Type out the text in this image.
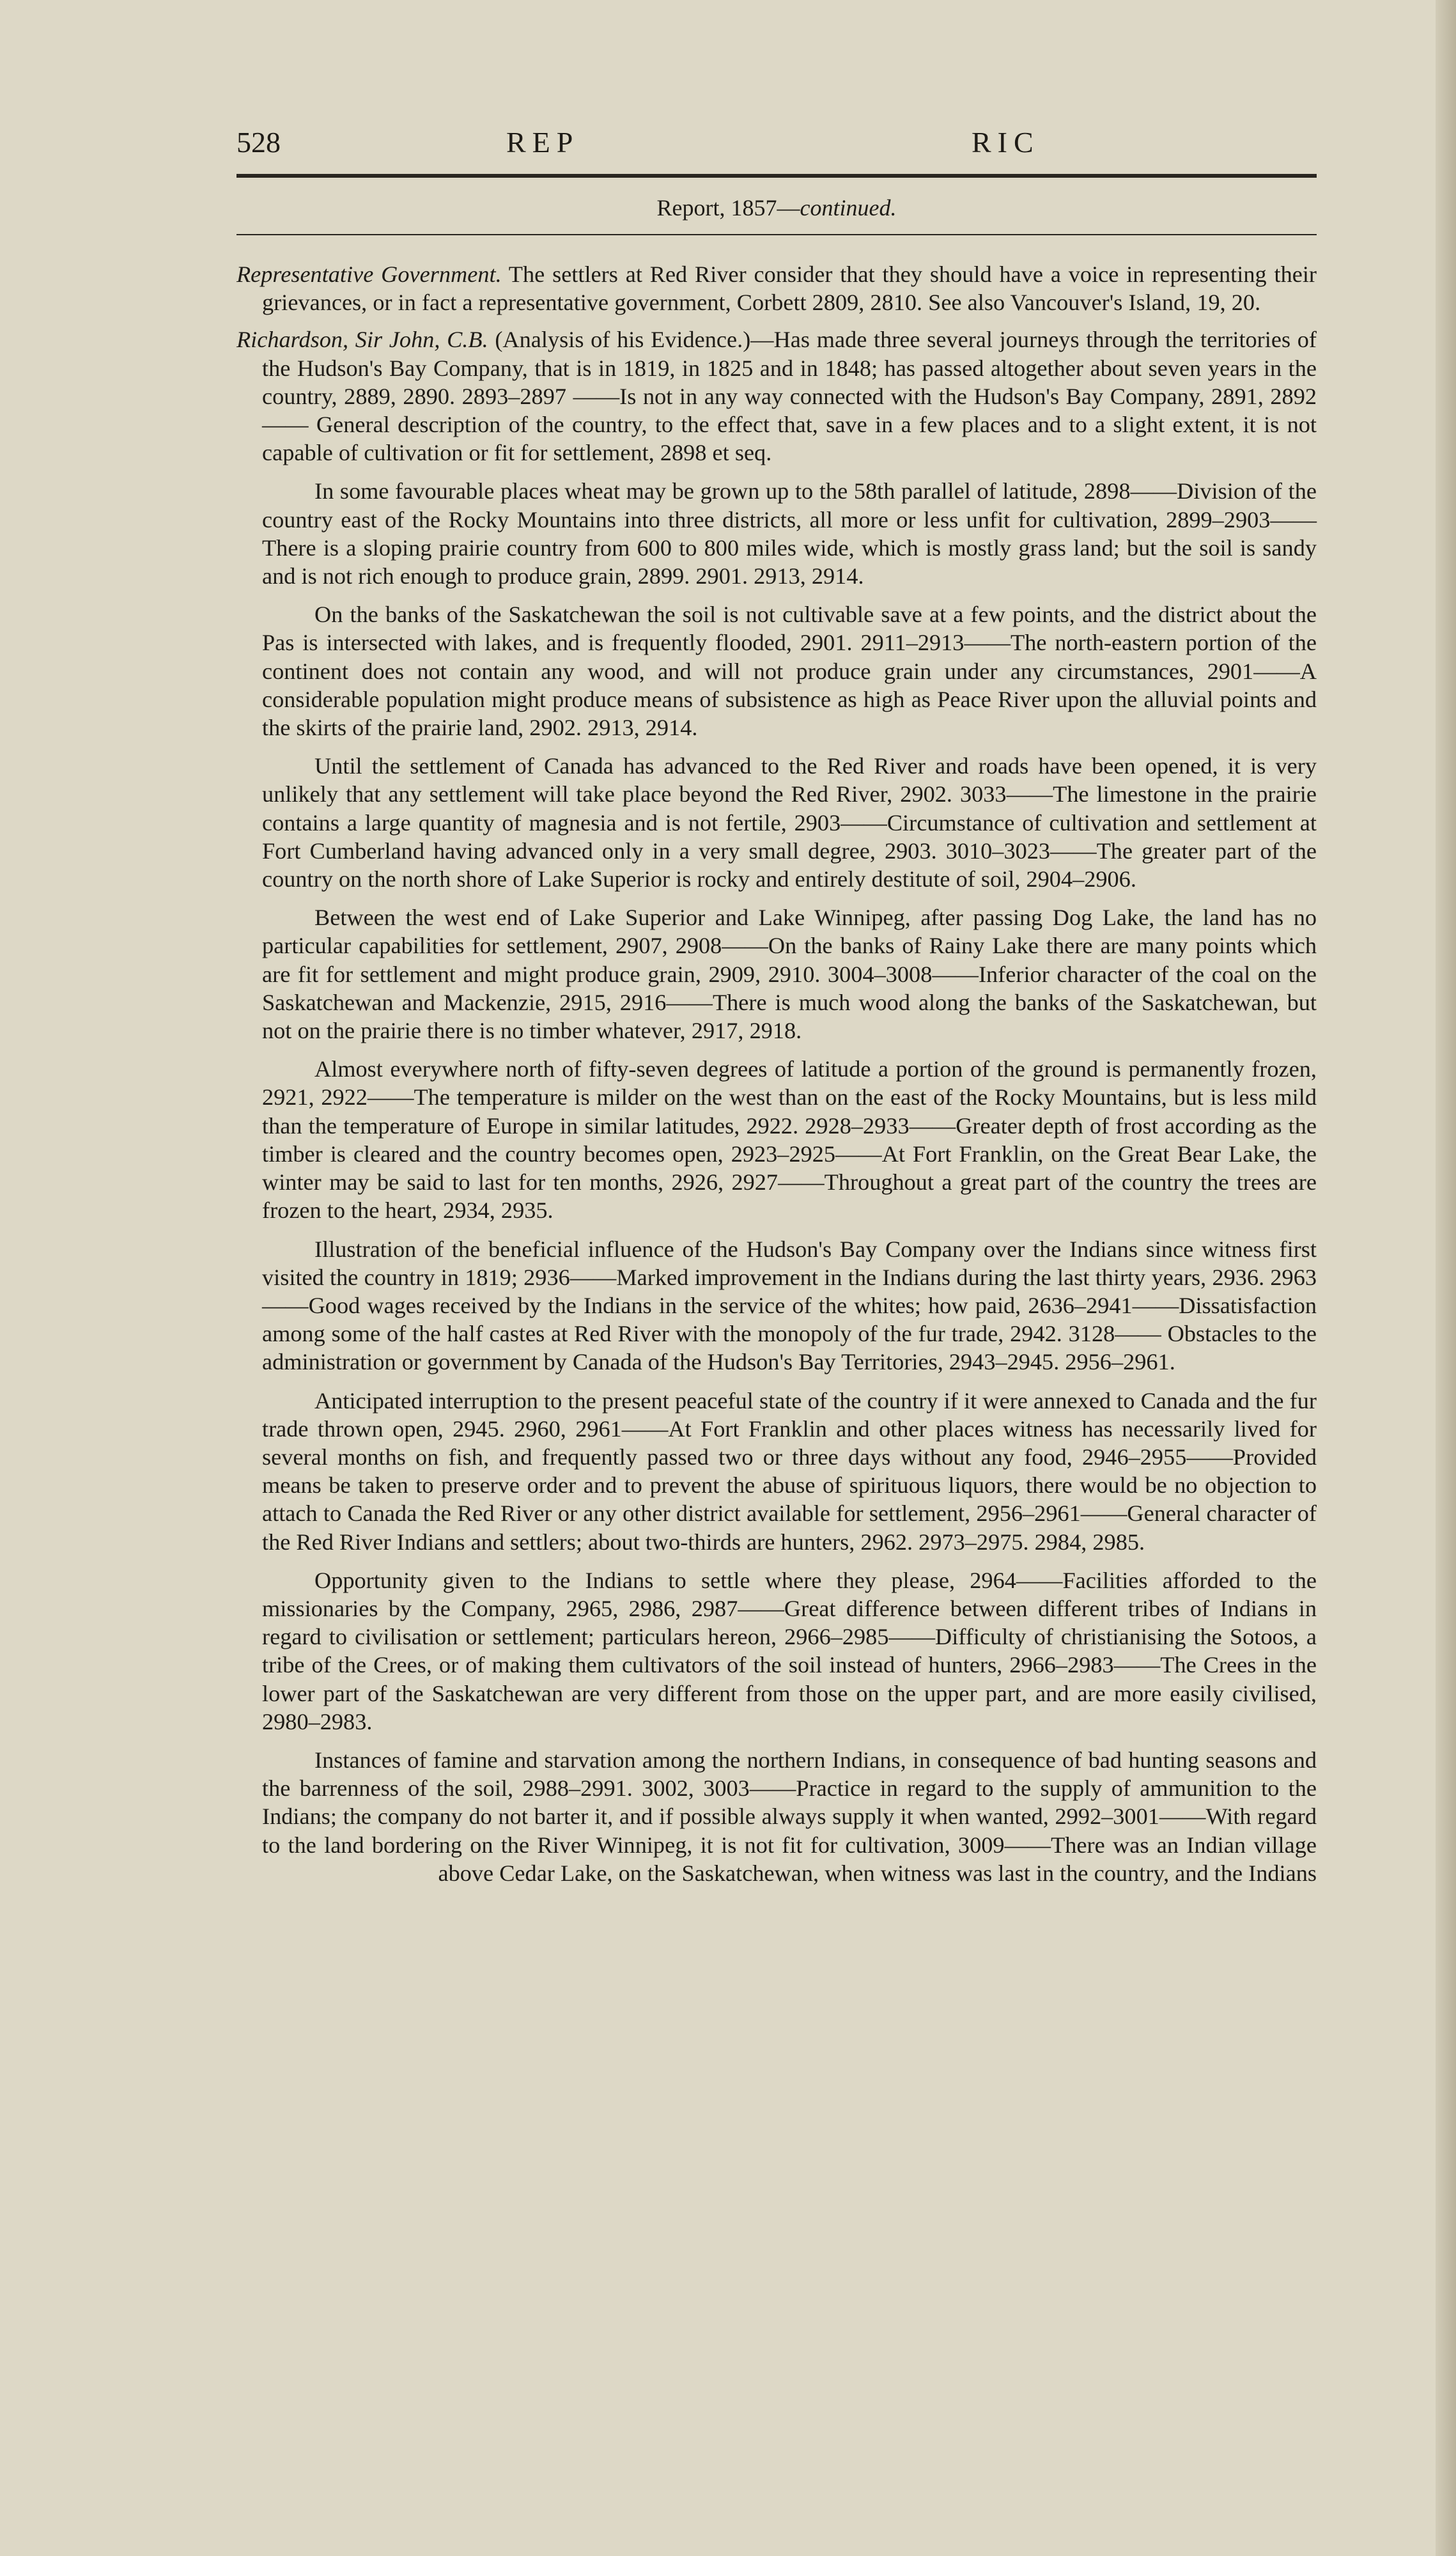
528	REP	RIC
Report, 1857—continued.

Representative Government. The settlers at Red River consider that they should have a voice in representing their grievances, or in fact a representative government, Corbett 2809, 2810. See also Vancouver's Island, 19, 20.

Richardson, Sir John, C.B. (Analysis of his Evidence.)—Has made three several journeys through the territories of the Hudson's Bay Company, that is in 1819, in 1825 and in 1848; has passed altogether about seven years in the country, 2889, 2890. 2893–2897 ——Is not in any way connected with the Hudson's Bay Company, 2891, 2892—— General description of the country, to the effect that, save in a few places and to a slight extent, it is not capable of cultivation or fit for settlement, 2898 et seq.

In some favourable places wheat may be grown up to the 58th parallel of latitude, 2898——Division of the country east of the Rocky Mountains into three districts, all more or less unfit for cultivation, 2899–2903——There is a sloping prairie country from 600 to 800 miles wide, which is mostly grass land; but the soil is sandy and is not rich enough to produce grain, 2899. 2901. 2913, 2914.

On the banks of the Saskatchewan the soil is not cultivable save at a few points, and the district about the Pas is intersected with lakes, and is frequently flooded, 2901. 2911–2913——The north-eastern portion of the continent does not contain any wood, and will not produce grain under any circumstances, 2901——A considerable population might produce means of subsistence as high as Peace River upon the alluvial points and the skirts of the prairie land, 2902. 2913, 2914.

Until the settlement of Canada has advanced to the Red River and roads have been opened, it is very unlikely that any settlement will take place beyond the Red River, 2902. 3033——The limestone in the prairie contains a large quantity of magnesia and is not fertile, 2903——Circumstance of cultivation and settlement at Fort Cumberland having advanced only in a very small degree, 2903. 3010–3023——The greater part of the country on the north shore of Lake Superior is rocky and entirely destitute of soil, 2904–2906.

Between the west end of Lake Superior and Lake Winnipeg, after passing Dog Lake, the land has no particular capabilities for settlement, 2907, 2908——On the banks of Rainy Lake there are many points which are fit for settlement and might produce grain, 2909, 2910. 3004–3008——Inferior character of the coal on the Saskatchewan and Mackenzie, 2915, 2916——There is much wood along the banks of the Saskatchewan, but not on the prairie there is no timber whatever, 2917, 2918.

Almost everywhere north of fifty-seven degrees of latitude a portion of the ground is permanently frozen, 2921, 2922——The temperature is milder on the west than on the east of the Rocky Mountains, but is less mild than the temperature of Europe in similar latitudes, 2922. 2928–2933——Greater depth of frost according as the timber is cleared and the country becomes open, 2923–2925——At Fort Franklin, on the Great Bear Lake, the winter may be said to last for ten months, 2926, 2927——Throughout a great part of the country the trees are frozen to the heart, 2934, 2935.

Illustration of the beneficial influence of the Hudson's Bay Company over the Indians since witness first visited the country in 1819; 2936——Marked improvement in the Indians during the last thirty years, 2936. 2963——Good wages received by the Indians in the service of the whites; how paid, 2636–2941——Dissatisfaction among some of the half castes at Red River with the monopoly of the fur trade, 2942. 3128—— Obstacles to the administration or government by Canada of the Hudson's Bay Territories, 2943–2945. 2956–2961.

Anticipated interruption to the present peaceful state of the country if it were annexed to Canada and the fur trade thrown open, 2945. 2960, 2961——At Fort Franklin and other places witness has necessarily lived for several months on fish, and frequently passed two or three days without any food, 2946–2955——Provided means be taken to preserve order and to prevent the abuse of spirituous liquors, there would be no objection to attach to Canada the Red River or any other district available for settlement, 2956–2961——General character of the Red River Indians and settlers; about two-thirds are hunters, 2962. 2973–2975. 2984, 2985.

Opportunity given to the Indians to settle where they please, 2964——Facilities afforded to the missionaries by the Company, 2965, 2986, 2987——Great difference between different tribes of Indians in regard to civilisation or settlement; particulars hereon, 2966–2985——Difficulty of christianising the Sotoos, a tribe of the Crees, or of making them cultivators of the soil instead of hunters, 2966–2983——The Crees in the lower part of the Saskatchewan are very different from those on the upper part, and are more easily civilised, 2980–2983.

Instances of famine and starvation among the northern Indians, in consequence of bad hunting seasons and the barrenness of the soil, 2988–2991. 3002, 3003——Practice in regard to the supply of ammunition to the Indians; the company do not barter it, and if possible always supply it when wanted, 2992–3001——With regard to the land bordering on the River Winnipeg, it is not fit for cultivation, 3009——There was an Indian village above Cedar Lake, on the Saskatchewan, when witness was last in the country, and the Indians
